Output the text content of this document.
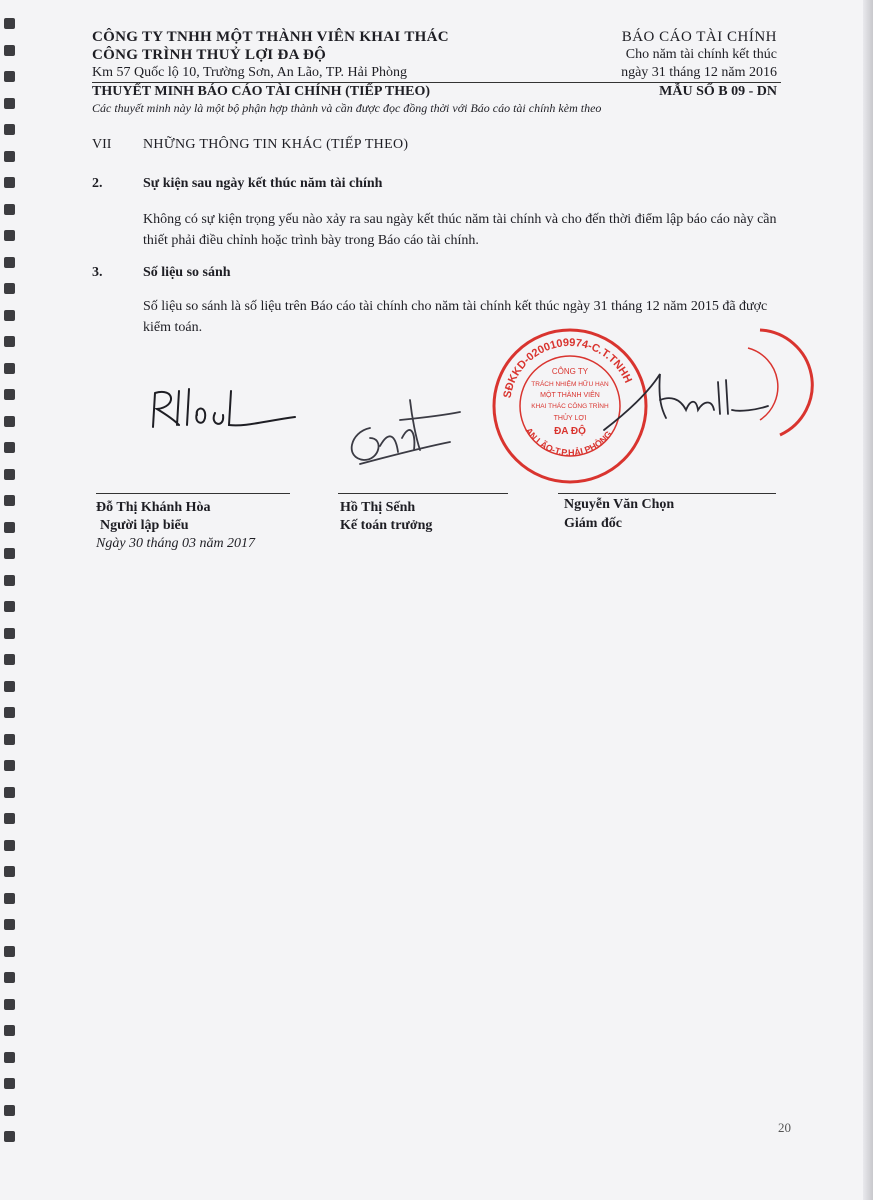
CÔNG TY TNHH MỘT THÀNH VIÊN KHAI THÁC
CÔNG TRÌNH THUỶ LỢI ĐA ĐỘ
Km 57 Quốc lộ 10, Trường Sơn, An Lão, TP. Hải Phòng
BÁO CÁO TÀI CHÍNH
Cho năm tài chính kết thúc
ngày 31 tháng 12 năm 2016
THUYẾT MINH BÁO CÁO TÀI CHÍNH (TIẾP THEO)	MẪU SỐ B 09 - DN
Các thuyết minh này là một bộ phận hợp thành và cần được đọc đồng thời với Báo cáo tài chính kèm theo
VII NHỮNG THÔNG TIN KHÁC (TIẾP THEO)
2.	Sự kiện sau ngày kết thúc năm tài chính
Không có sự kiện trọng yếu nào xảy ra sau ngày kết thúc năm tài chính và cho đến thời điểm lập báo cáo này cần thiết phải điều chỉnh hoặc trình bày trong Báo cáo tài chính.
3.	Số liệu so sánh
Số liệu so sánh là số liệu trên Báo cáo tài chính cho năm tài chính kết thúc ngày 31 tháng 12 năm 2015 đã được kiểm toán.
SĐKKD-0200109974-C.T.TNHH
AN LÃO-T.P.HẢI PHÒNG
CÔNG TY
TRÁCH NHIỆM HỮU HẠN
MỘT THÀNH VIÊN
KHAI THÁC CÔNG TRÌNH
THỦY LỢI
ĐA ĐỘ
Đỗ Thị Khánh Hòa
Người lập biểu
Ngày 30 tháng 03 năm 2017
Hồ Thị Sếnh
Kế toán trưởng
Nguyễn Văn Chọn
Giám đốc
20
